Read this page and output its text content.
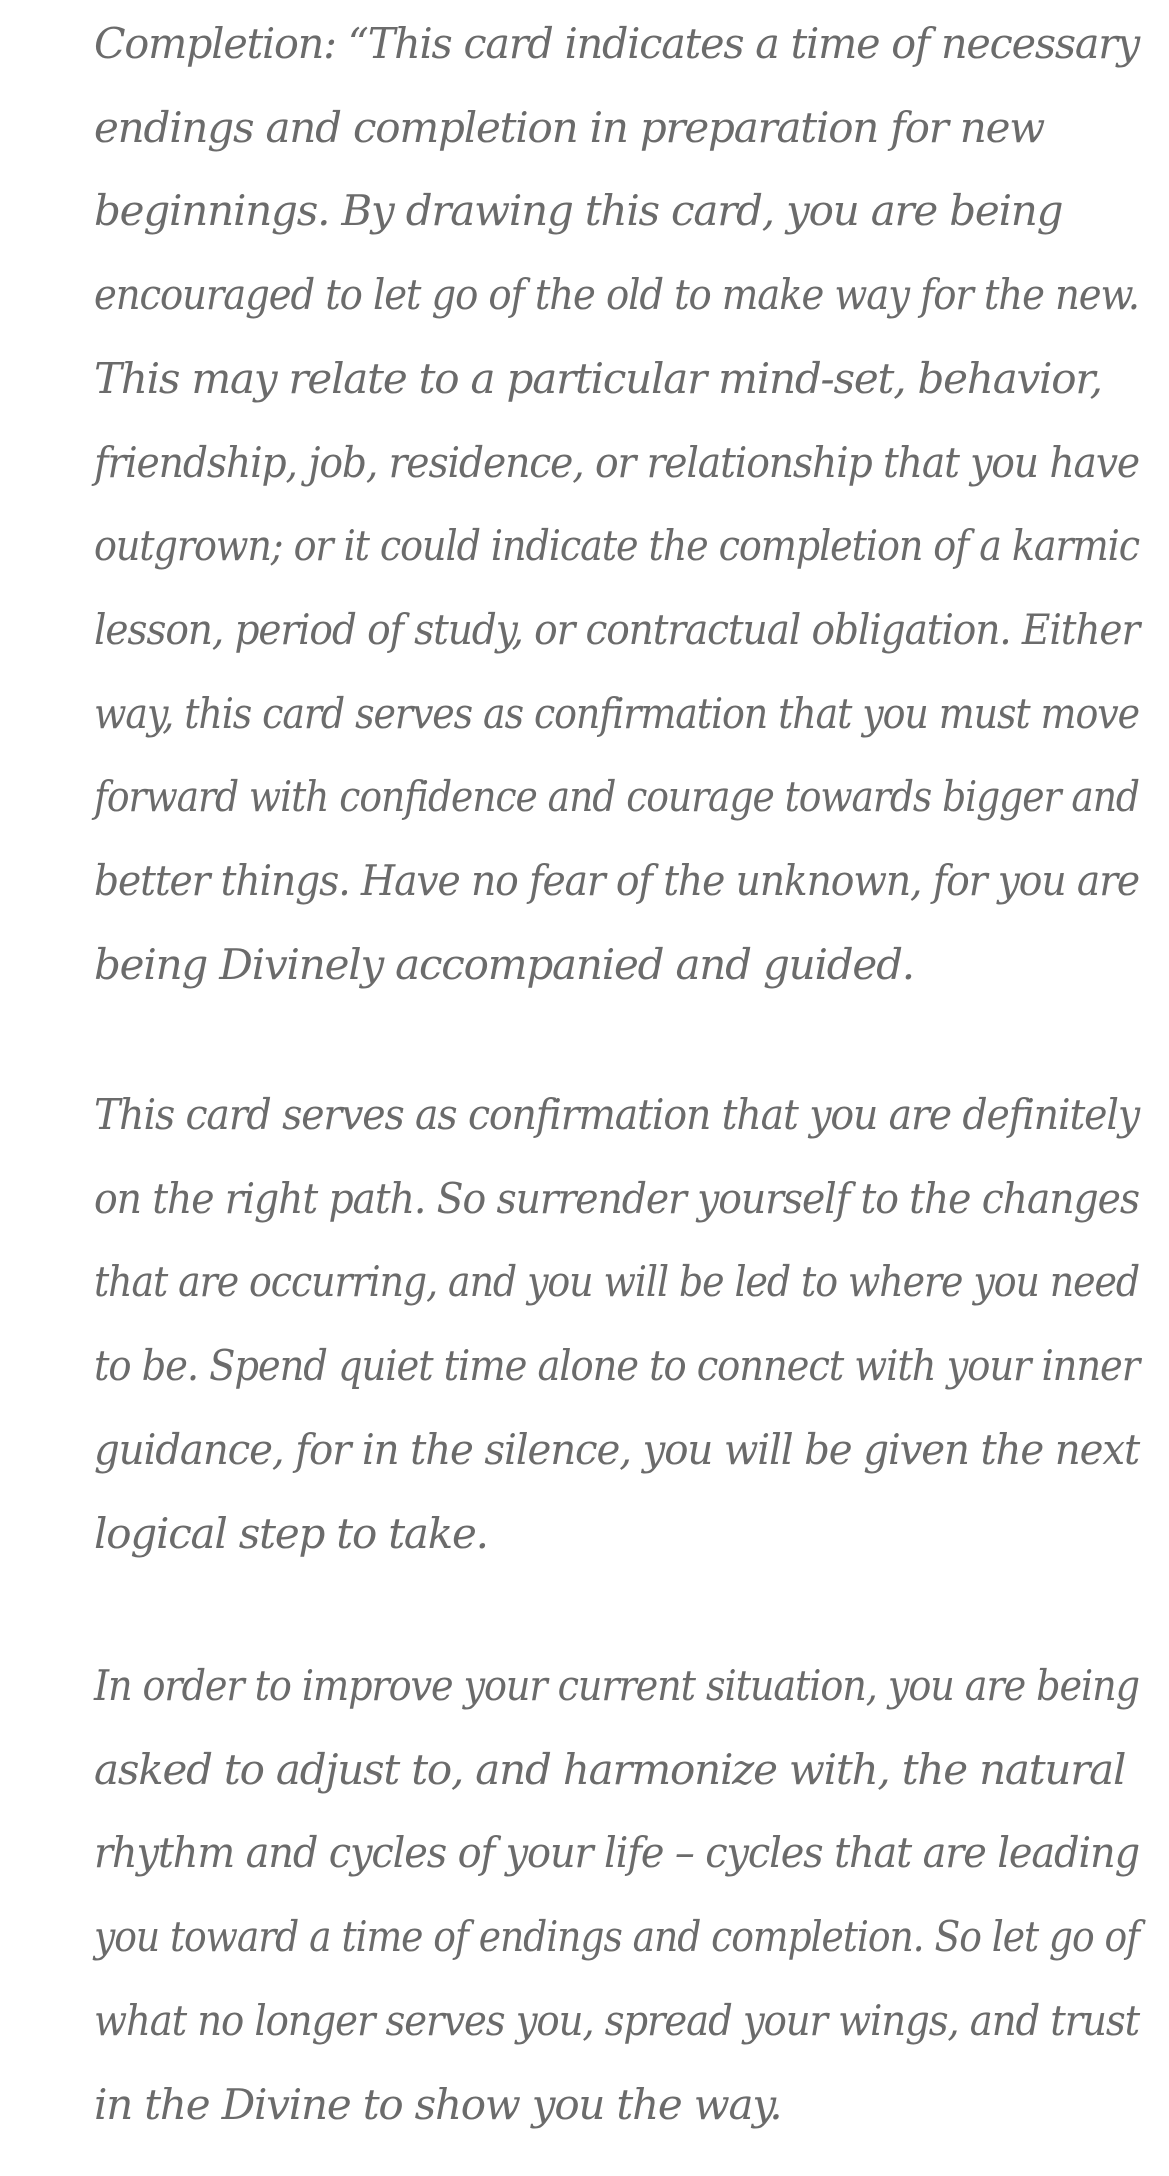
Completion: “This card indicates a time of necessary
endings and completion in preparation for new
beginnings. By drawing this card, you are being
encouraged to let go of the old to make way for the new.
This may relate to a particular mind-set, behavior,
friendship, job, residence, or relationship that you have
outgrown; or it could indicate the completion of a karmic
lesson, period of study, or contractual obligation. Either
way, this card serves as confirmation that you must move
forward with confidence and courage towards bigger and
better things. Have no fear of the unknown, for you are
being Divinely accompanied and guided.

This card serves as confirmation that you are definitely
on the right path. So surrender yourself to the changes
that are occurring, and you will be led to where you need
to be. Spend quiet time alone to connect with your inner
guidance, for in the silence, you will be given the next
logical step to take.

In order to improve your current situation, you are being
asked to adjust to, and harmonize with, the natural
rhythm and cycles of your life – cycles that are leading
you toward a time of endings and completion. So let go of
what no longer serves you, spread your wings, and trust
in the Divine to show you the way.
